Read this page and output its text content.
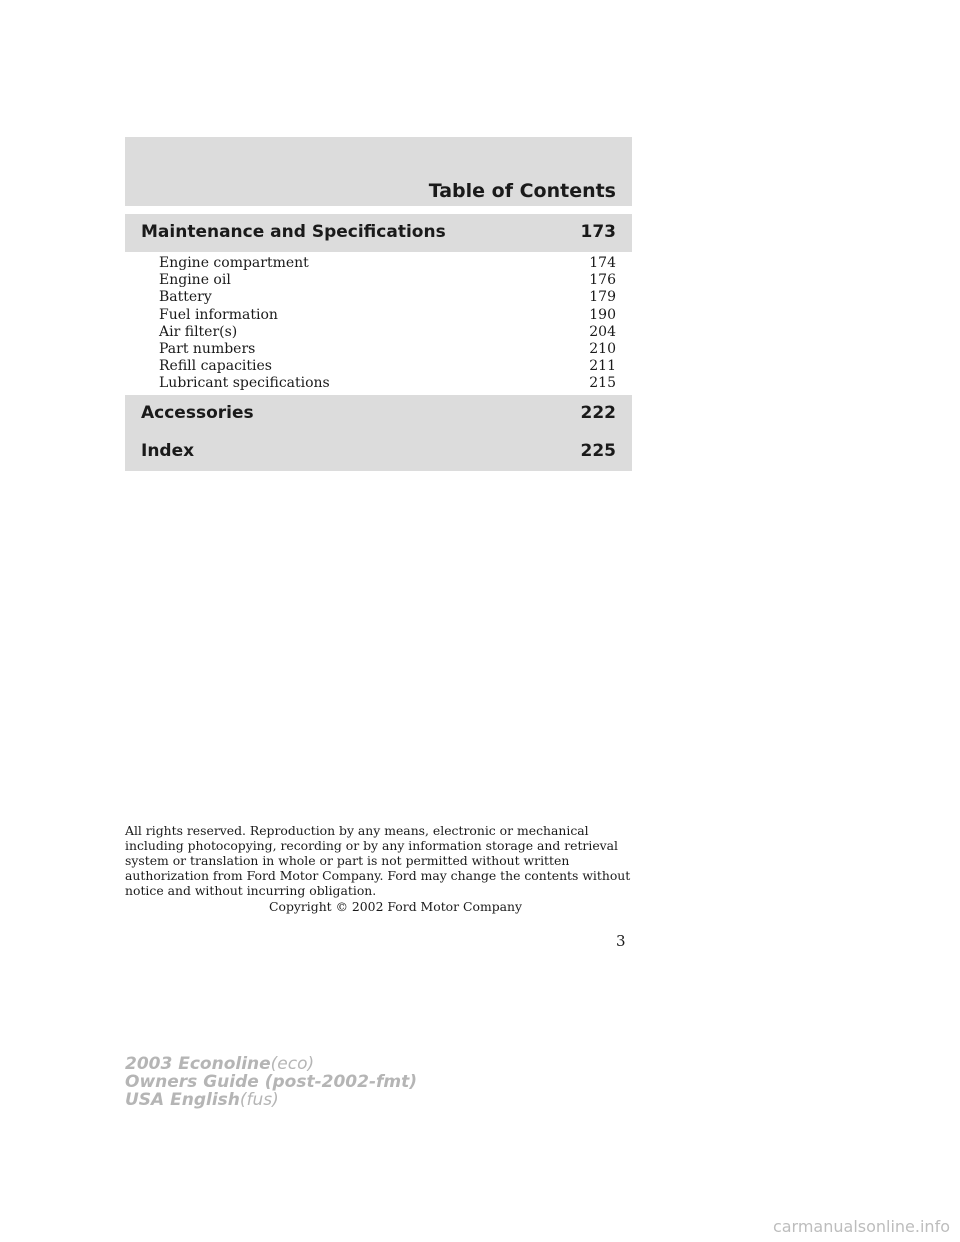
Table of Contents
Maintenance and Specifications	173
Engine compartment	174
Engine oil	176
Battery	179
Fuel information	190
Air filter(s)	204
Part numbers	210
Refill capacities	211
Lubricant specifications	215
Accessories	222
Index	225
All rights reserved. Reproduction by any means, electronic or mechanical
including photocopying, recording or by any information storage and retrieval
system or translation in whole or part is not permitted without written
authorization from Ford Motor Company. Ford may change the contents without
notice and without incurring obligation.
Copyright © 2002 Ford Motor Company
3
2003 Econoline(eco)
Owners Guide (post-2002-fmt)
USA English(fus)
carmanualsonline.info
